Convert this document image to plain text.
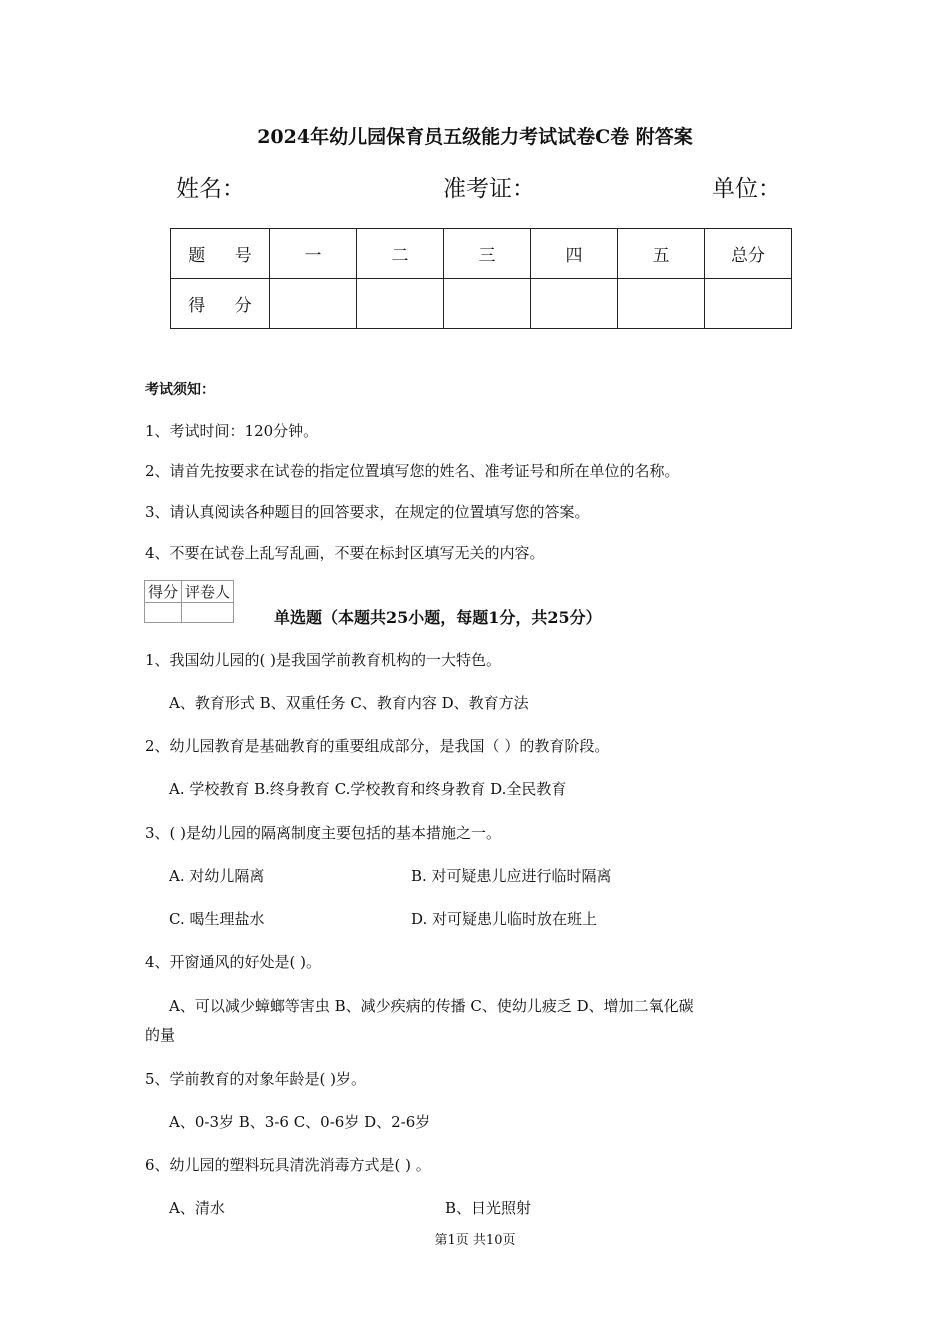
2024年幼儿园保育员五级能力考试试卷C卷 附答案
姓名：	准考证：	单位：
题 号	一	二	三	四	五	总分
得 分						
考试须知：
1、考试时间：120分钟。
2、请首先按要求在试卷的指定位置填写您的姓名、准考证号和所在单位的名称。
3、请认真阅读各种题目的回答要求，在规定的位置填写您的答案。
4、不要在试卷上乱写乱画，不要在标封区填写无关的内容。
得分	评卷人

单选题（本题共25小题，每题1分，共25分）
1、我国幼儿园的( )是我国学前教育机构的一大特色。
A、教育形式 B、双重任务 C、教育内容 D、教育方法
2、幼儿园教育是基础教育的重要组成部分，是我国（ ）的教育阶段。
A. 学校教育 B.终身教育 C.学校教育和终身教育 D.全民教育
3、( )是幼儿园的隔离制度主要包括的基本措施之一。
A. 对幼儿隔离	B. 对可疑患儿应进行临时隔离
C. 喝生理盐水	D. 对可疑患儿临时放在班上
4、开窗通风的好处是( )。
A、可以减少蟑螂等害虫 B、减少疾病的传播 C、使幼儿疲乏 D、增加二氧化碳
的量
5、学前教育的对象年龄是( )岁。
A、0-3岁 B、3-6 C、0-6岁 D、2-6岁
6、幼儿园的塑料玩具清洗消毒方式是( ) 。
A、清水	B、日光照射
第1页 共10页
